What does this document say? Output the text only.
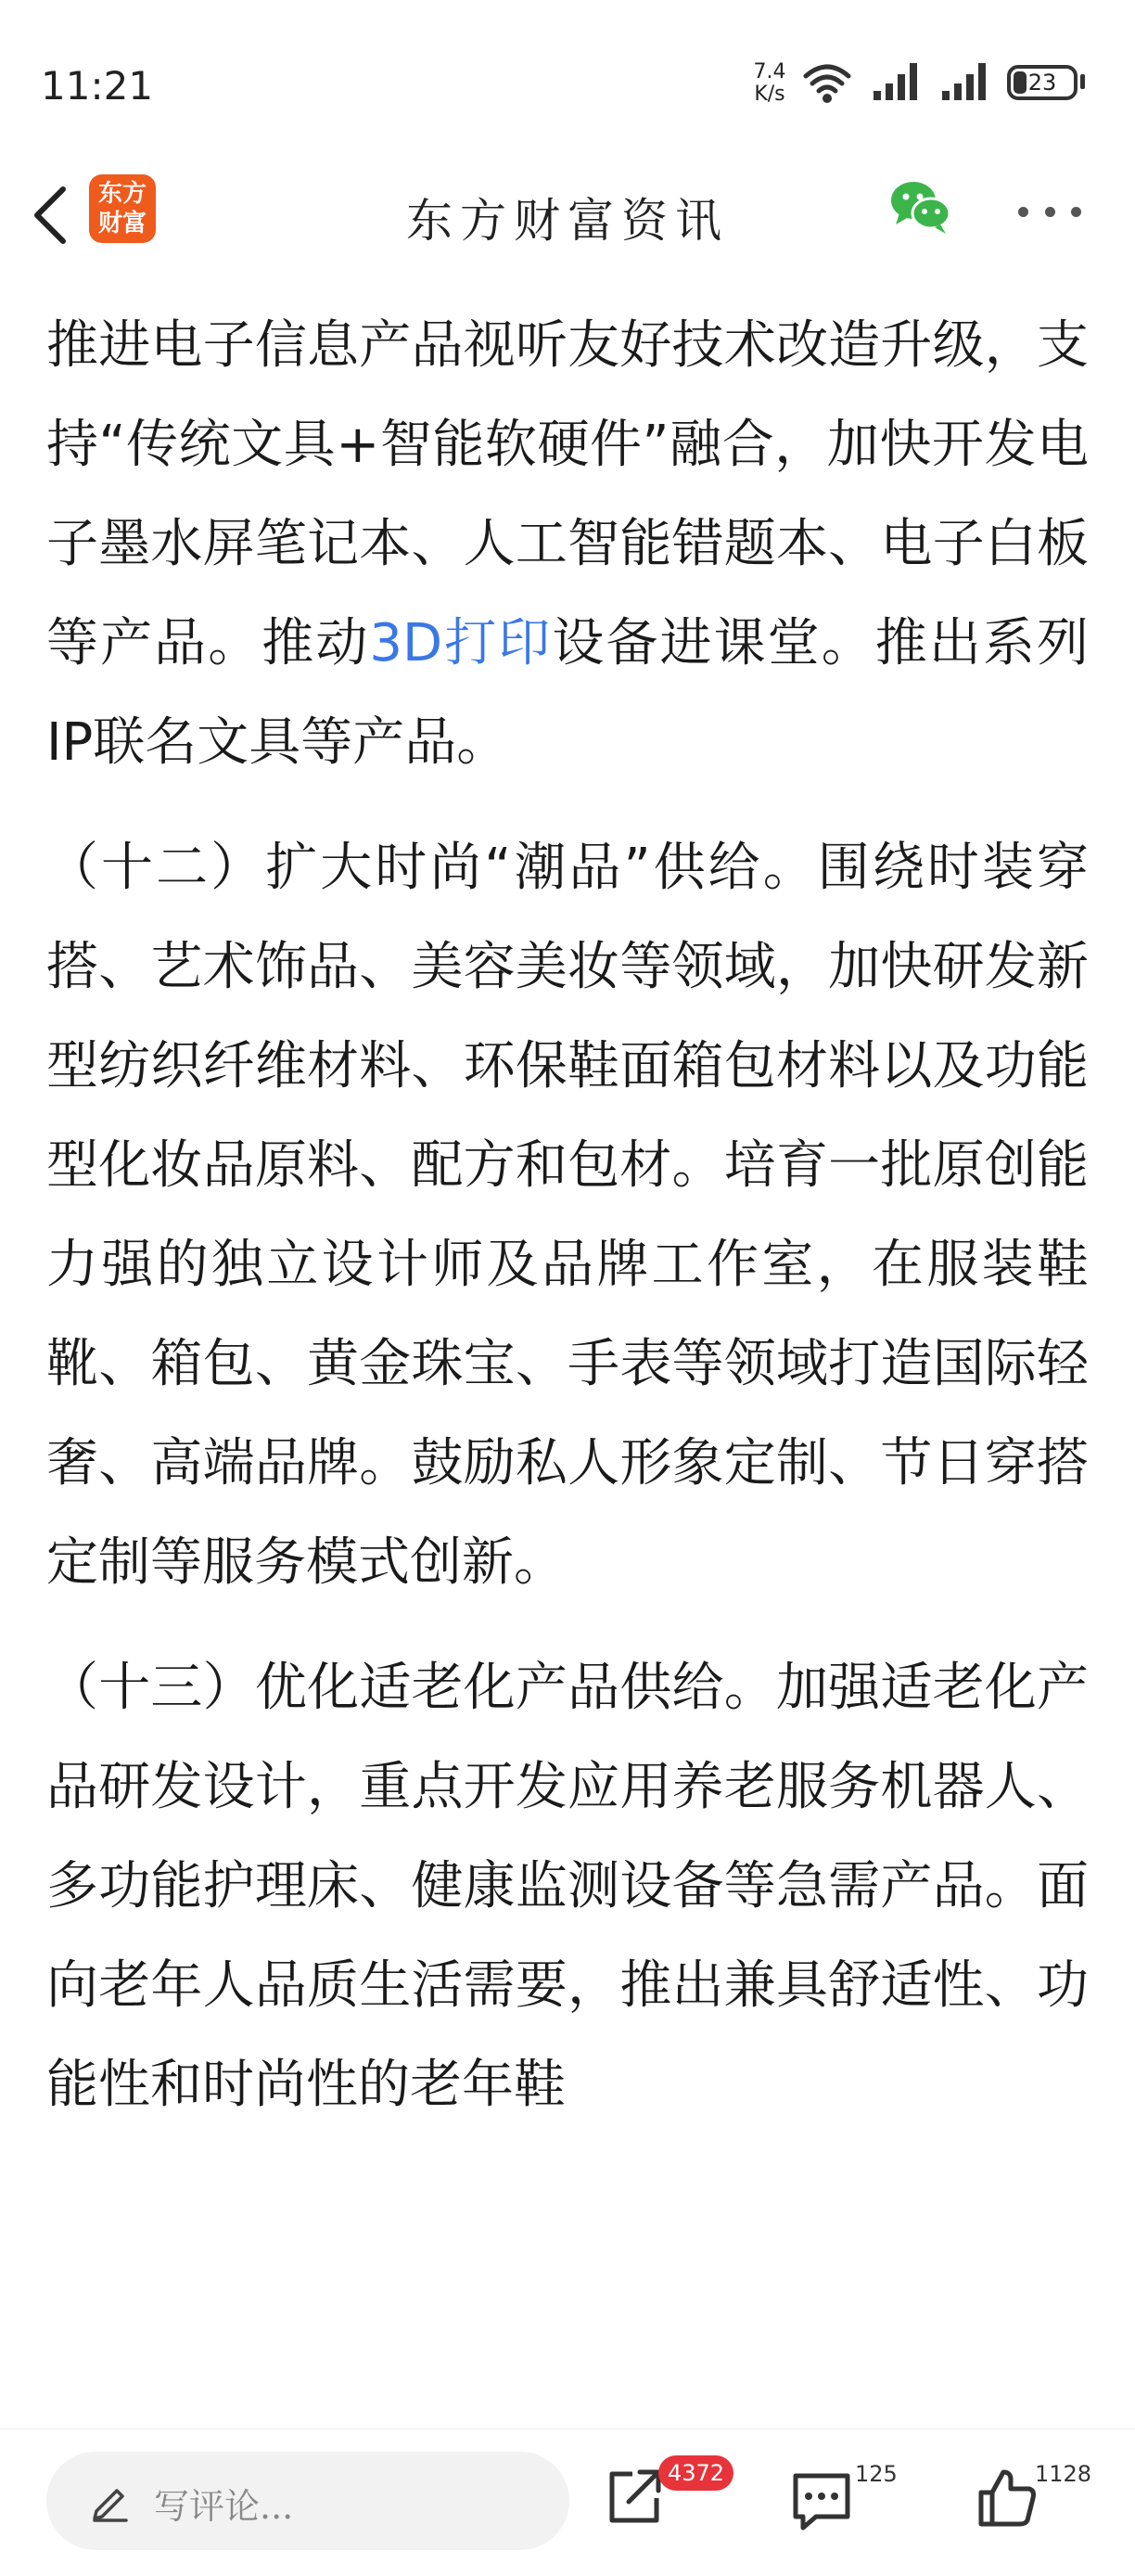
11:21	7.4
K/s	23
东方
财富	东方财富资讯

推进电子信息产品视听友好技术改造升级，支持“传统文具+智能软硬件”融合，加快开发电子墨水屏笔记本、人工智能错题本、电子白板等产品。推动3D打印设备进课堂。推出系列IP联名文具等产品。

（十二）扩大时尚“潮品”供给。围绕时装穿搭、艺术饰品、美容美妆等领域，加快研发新型纺织纤维材料、环保鞋面箱包材料以及功能型化妆品原料、配方和包材。培育一批原创能力强的独立设计师及品牌工作室，在服装鞋靴、箱包、黄金珠宝、手表等领域打造国际轻奢、高端品牌。鼓励私人形象定制、节日穿搭定制等服务模式创新。

（十三）优化适老化产品供给。加强适老化产品研发设计，重点开发应用养老服务机器人、多功能护理床、健康监测设备等急需产品。面向老年人品质生活需要，推出兼具舒适性、功能性和时尚性的老年鞋

写评论...
4372	125	1128
